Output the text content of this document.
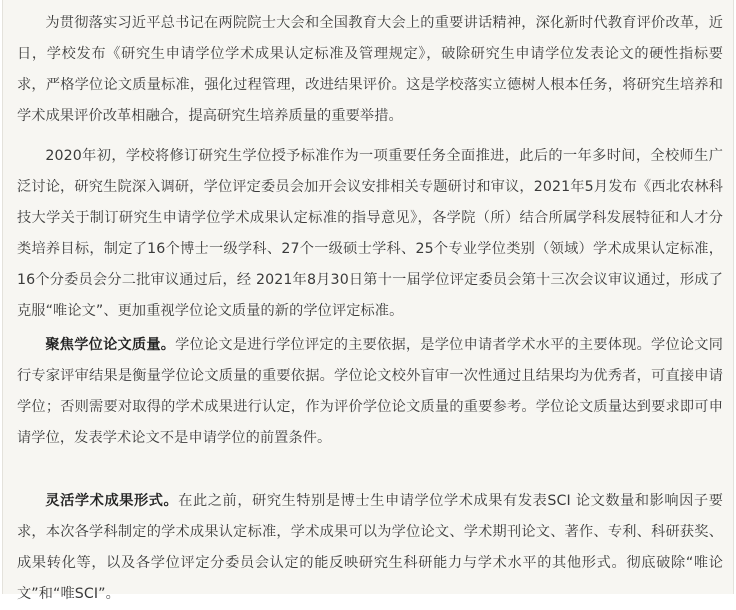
为贯彻落实习近平总书记在两院院士大会和全国教育大会上的重要讲话精神，深化新时代教育评价改革，近日，学校发布《研究生申请学位学术成果认定标准及管理规定》，破除研究生申请学位发表论文的硬性指标要求，严格学位论文质量标准，强化过程管理，改进结果评价。这是学校落实立德树人根本任务，将研究生培养和学术成果评价改革相融合，提高研究生培养质量的重要举措。

2020年初，学校将修订研究生学位授予标准作为一项重要任务全面推进，此后的一年多时间，全校师生广泛讨论，研究生院深入调研，学位评定委员会加开会议安排相关专题研讨和审议，2021年5月发布《西北农林科技大学关于制订研究生申请学位学术成果认定标准的指导意见》，各学院（所）结合所属学科发展特征和人才分类培养目标，制定了16个博士一级学科、27个一级硕士学科、25个专业学位类别（领域）学术成果认定标准，16个分委员会分二批审议通过后，经 2021年8月30日第十一届学位评定委员会第十三次会议审议通过，形成了克服“唯论文”、更加重视学位论文质量的新的学位评定标准。

聚焦学位论文质量。学位论文是进行学位评定的主要依据，是学位申请者学术水平的主要体现。学位论文同行专家评审结果是衡量学位论文质量的重要依据。学位论文校外盲审一次性通过且结果均为优秀者，可直接申请学位；否则需要对取得的学术成果进行认定，作为评价学位论文质量的重要参考。学位论文质量达到要求即可申请学位，发表学术论文不是申请学位的前置条件。

灵活学术成果形式。在此之前，研究生特别是博士生申请学位学术成果有发表SCI 论文数量和影响因子要求，本次各学科制定的学术成果认定标准，学术成果可以为学位论文、学术期刊论文、著作、专利、科研获奖、成果转化等，以及各学位评定分委员会认定的能反映研究生科研能力与学术水平的其他形式。彻底破除“唯论文”和“唯SCI”。
